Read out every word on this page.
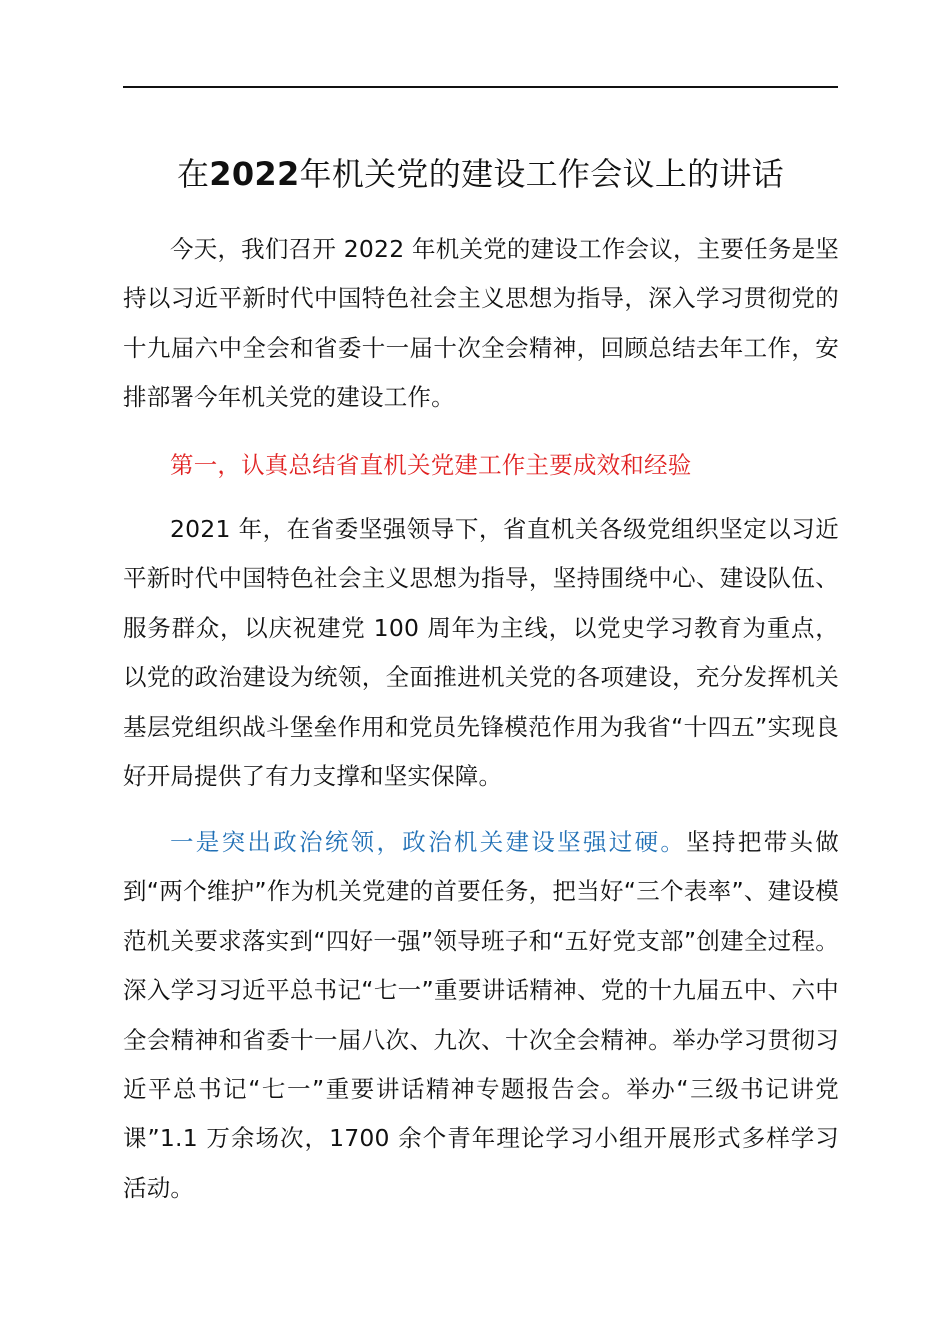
在2022年机关党的建设工作会议上的讲话

今天，我们召开 2022 年机关党的建设工作会议，主要任务是坚持以习近平新时代中国特色社会主义思想为指导，深入学习贯彻党的十九届六中全会和省委十一届十次全会精神，回顾总结去年工作，安排部署今年机关党的建设工作。

第一，认真总结省直机关党建工作主要成效和经验

2021 年，在省委坚强领导下，省直机关各级党组织坚定以习近平新时代中国特色社会主义思想为指导，坚持围绕中心、建设队伍、服务群众，以庆祝建党 100 周年为主线，以党史学习教育为重点，以党的政治建设为统领，全面推进机关党的各项建设，充分发挥机关基层党组织战斗堡垒作用和党员先锋模范作用为我省“十四五”实现良好开局提供了有力支撑和坚实保障。

一是突出政治统领，政治机关建设坚强过硬。坚持把带头做到“两个维护”作为机关党建的首要任务，把当好“三个表率”、建设模范机关要求落实到“四好一强”领导班子和“五好党支部”创建全过程。深入学习习近平总书记“七一”重要讲话精神、党的十九届五中、六中全会精神和省委十一届八次、九次、十次全会精神。举办学习贯彻习近平总书记“七一”重要讲话精神专题报告会。举办“三级书记讲党课”1.1 万余场次，1700 余个青年理论学习小组开展形式多样学习活动。
